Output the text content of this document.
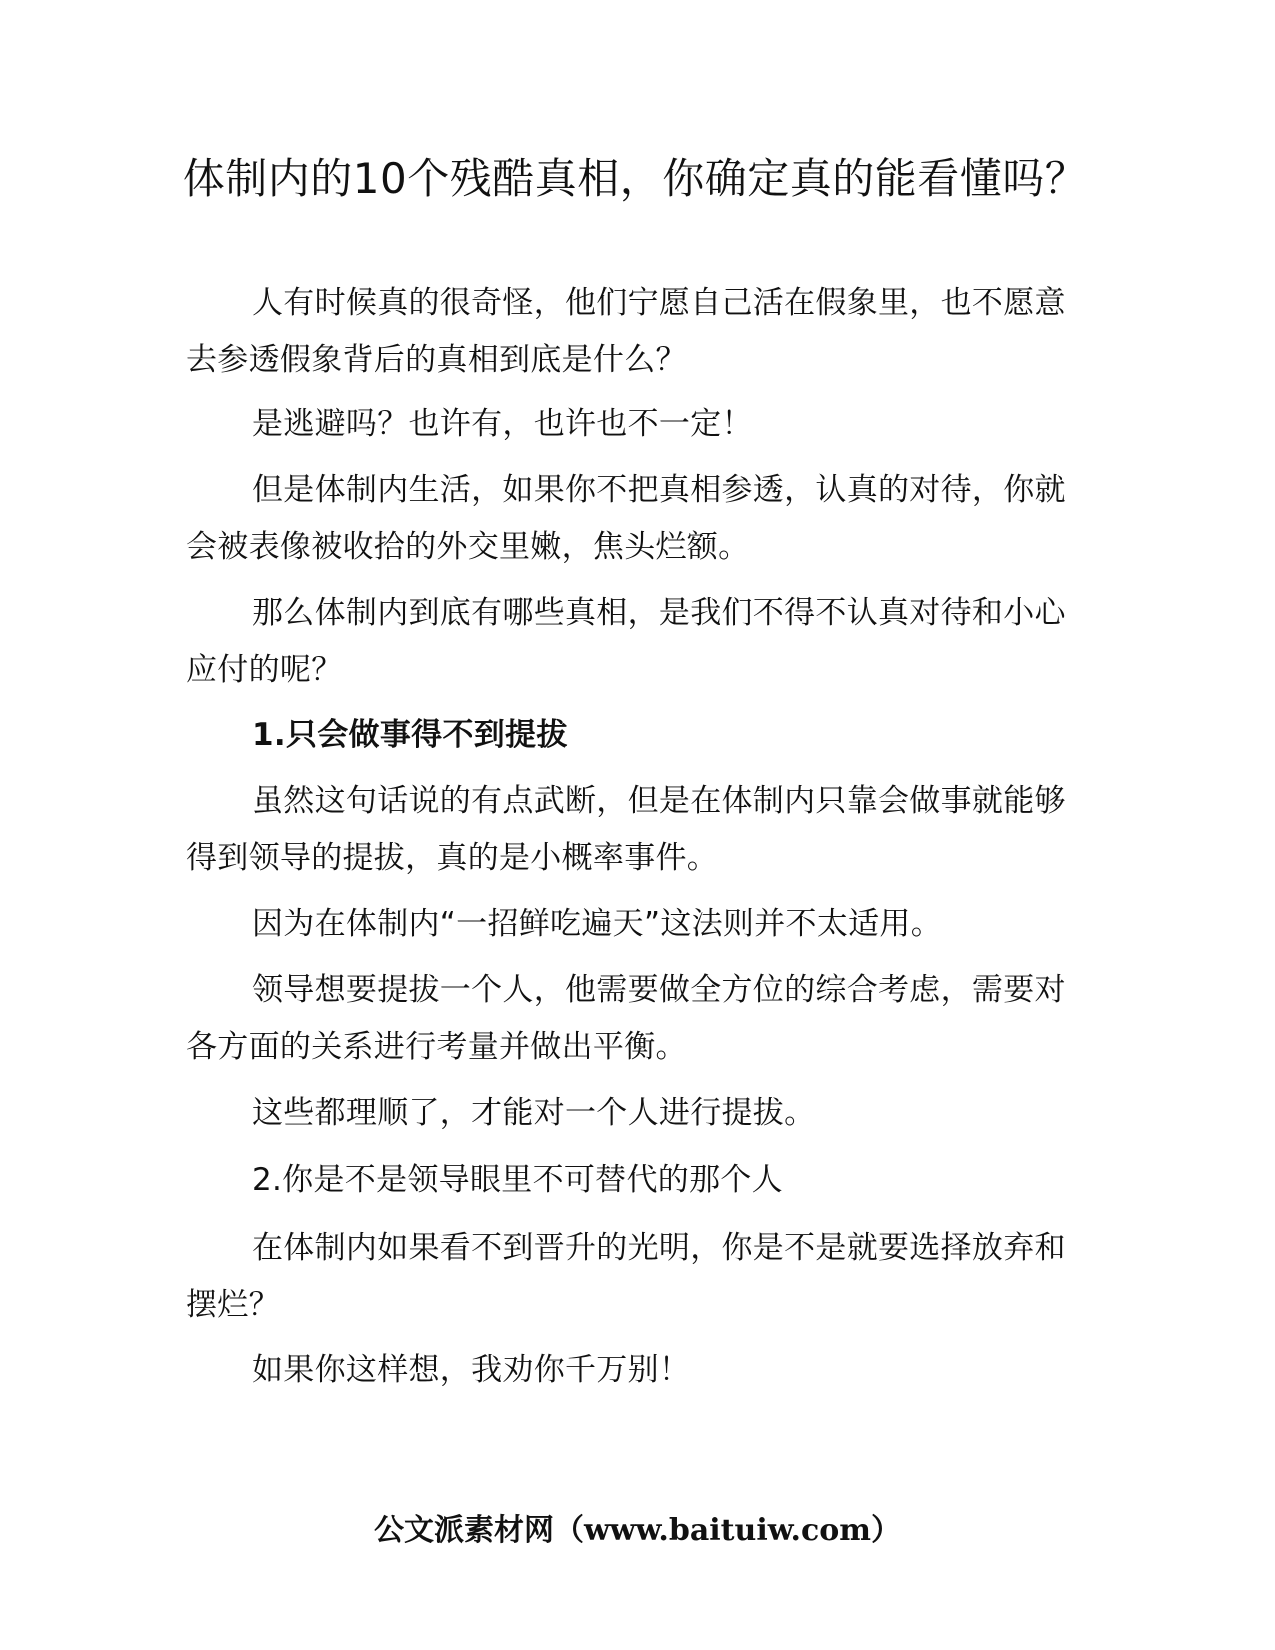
体制内的10个残酷真相，你确定真的能看懂吗？

人有时候真的很奇怪，他们宁愿自己活在假象里，也不愿意去参透假象背后的真相到底是什么？

是逃避吗？也许有，也许也不一定！

但是体制内生活，如果你不把真相参透，认真的对待，你就会被表像被收拾的外交里嫩，焦头烂额。

那么体制内到底有哪些真相，是我们不得不认真对待和小心应付的呢？

1.只会做事得不到提拔

虽然这句话说的有点武断，但是在体制内只靠会做事就能够得到领导的提拔，真的是小概率事件。

因为在体制内“一招鲜吃遍天”这法则并不太适用。

领导想要提拔一个人，他需要做全方位的综合考虑，需要对各方面的关系进行考量并做出平衡。

这些都理顺了，才能对一个人进行提拔。

2.你是不是领导眼里不可替代的那个人

在体制内如果看不到晋升的光明，你是不是就要选择放弃和摆烂？

如果你这样想，我劝你千万别！

公文派素材网（www.baituiw.com）
